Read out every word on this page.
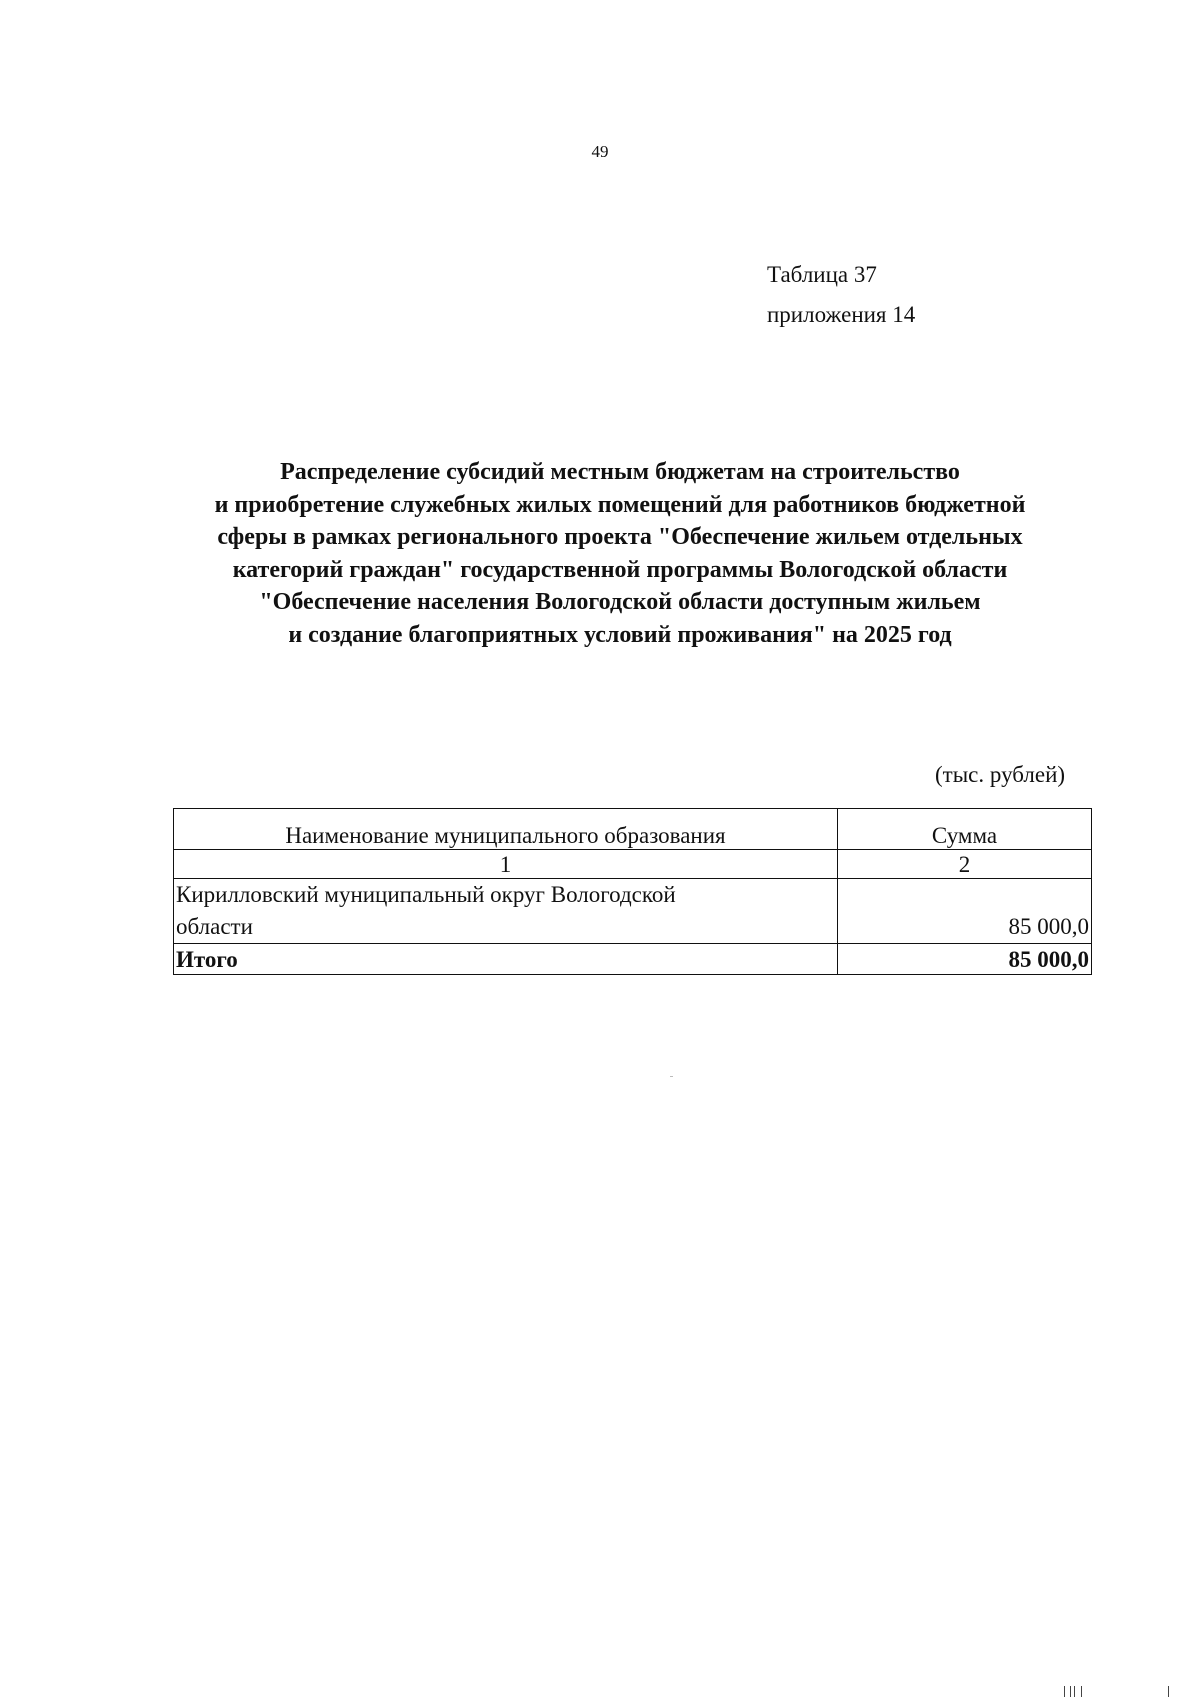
49
Таблица 37
приложения 14
Распределение субсидий местным бюджетам на строительство
и приобретение служебных жилых помещений для работников бюджетной
сферы в рамках регионального проекта "Обеспечение жильем отдельных
категорий граждан" государственной программы Вологодской области
"Обеспечение населения Вологодской области доступным жильем
и создание благоприятных условий проживания" на 2025 год
(тыс. рублей)
Наименование муниципального образования	Сумма
1	2

Кирилловский муниципальный округ Вологодской
области	85 000,0
Итого	85 000,0
